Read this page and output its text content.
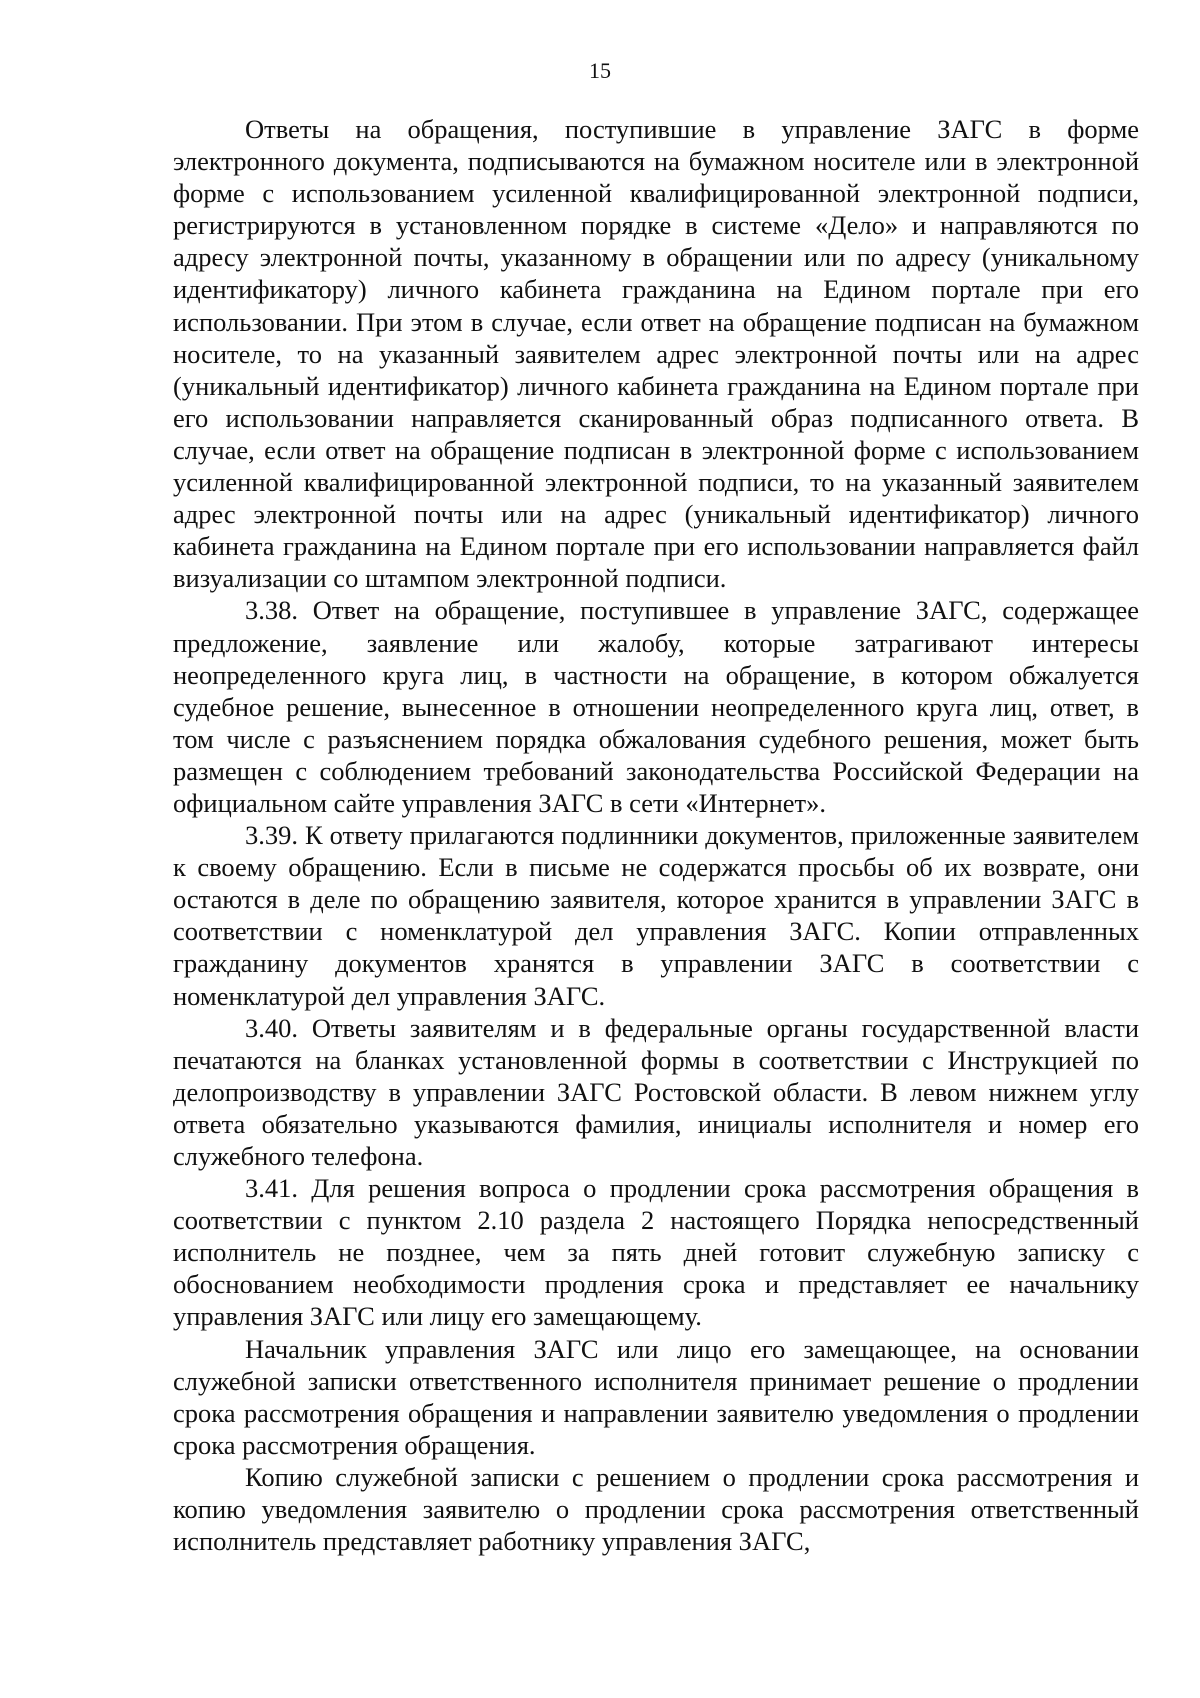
15

Ответы на обращения, поступившие в управление ЗАГС в форме электронного документа, подписываются на бумажном носителе или в электронной форме с использованием усиленной квалифицированной электронной подписи, регистрируются в установленном порядке в системе «Дело» и направляются по адресу электронной почты, указанному в обращении или по адресу (уникальному идентификатору) личного кабинета гражданина на Едином портале при его использовании. При этом в случае, если ответ на обращение подписан на бумажном носителе, то на указанный заявителем адрес электронной почты или на адрес (уникальный идентификатор) личного кабинета гражданина на Едином портале при его использовании направляется сканированный образ подписанного ответа. В случае, если ответ на обращение подписан в электронной форме с использованием усиленной квалифицированной электронной подписи, то на указанный заявителем адрес электронной почты или на адрес (уникальный идентификатор) личного кабинета гражданина на Едином портале при его использовании направляется файл визуализации со штампом электронной подписи.

3.38. Ответ на обращение, поступившее в управление ЗАГС, содержащее предложение, заявление или жалобу, которые затрагивают интересы неопределенного круга лиц, в частности на обращение, в котором обжалуется судебное решение, вынесенное в отношении неопределенного круга лиц, ответ, в том числе с разъяснением порядка обжалования судебного решения, может быть размещен с соблюдением требований законодательства Российской Федерации на официальном сайте управления ЗАГС в сети «Интернет».

3.39. К ответу прилагаются подлинники документов, приложенные заявителем к своему обращению. Если в письме не содержатся просьбы об их возврате, они остаются в деле по обращению заявителя, которое хранится в управлении ЗАГС в соответствии с номенклатурой дел управления ЗАГС. Копии отправленных гражданину документов хранятся в управлении ЗАГС в соответствии с номенклатурой дел управления ЗАГС.

3.40. Ответы заявителям и в федеральные органы государственной власти печатаются на бланках установленной формы в соответствии с Инструкцией по делопроизводству в управлении ЗАГС Ростовской области. В левом нижнем углу ответа обязательно указываются фамилия, инициалы исполнителя и номер его служебного телефона.

3.41. Для решения вопроса о продлении срока рассмотрения обращения в соответствии с пунктом 2.10 раздела 2 настоящего Порядка непосредственный исполнитель не позднее, чем за пять дней готовит служебную записку с обоснованием необходимости продления срока и представляет ее начальнику управления ЗАГС или лицу его замещающему.

Начальник управления ЗАГС или лицо его замещающее, на основании служебной записки ответственного исполнителя принимает решение о продлении срока рассмотрения обращения и направлении заявителю уведомления о продлении срока рассмотрения обращения.

Копию служебной записки с решением о продлении срока рассмотрения и копию уведомления заявителю о продлении срока рассмотрения ответственный исполнитель представляет работнику управления ЗАГС,
